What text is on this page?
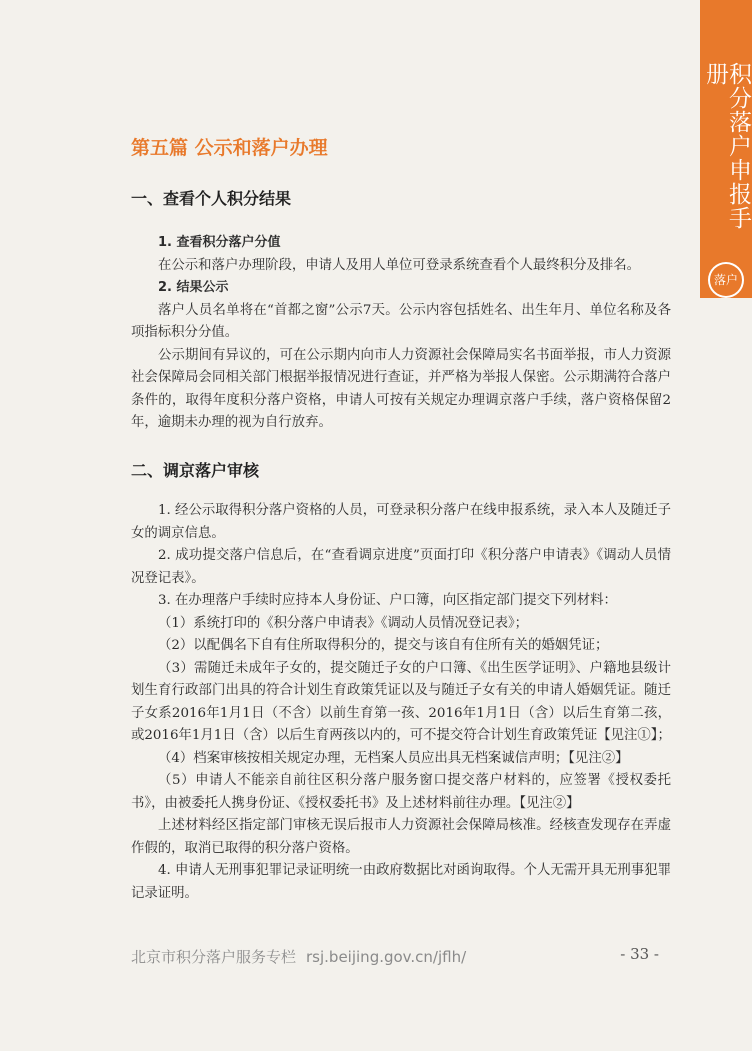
积分落户申报手册
落户
第五篇 公示和落户办理
一、查看个人积分结果

1. 查看积分落户分值

在公示和落户办理阶段，申请人及用人单位可登录系统查看个人最终积分及排名。

2. 结果公示

落户人员名单将在“首都之窗”公示7天。公示内容包括姓名、出生年月、单位名称及各项指标积分分值。

公示期间有异议的，可在公示期内向市人力资源社会保障局实名书面举报，市人力资源社会保障局会同相关部门根据举报情况进行查证，并严格为举报人保密。公示期满符合落户条件的，取得年度积分落户资格，申请人可按有关规定办理调京落户手续，落户资格保留2年，逾期未办理的视为自行放弃。

二、调京落户审核

1. 经公示取得积分落户资格的人员，可登录积分落户在线申报系统，录入本人及随迁子女的调京信息。

2. 成功提交落户信息后，在“查看调京进度”页面打印《积分落户申请表》《调动人员情况登记表》。

3. 在办理落户手续时应持本人身份证、户口簿，向区指定部门提交下列材料：

（1）系统打印的《积分落户申请表》《调动人员情况登记表》；

（2）以配偶名下自有住所取得积分的，提交与该自有住所有关的婚姻凭证；

（3）需随迁未成年子女的，提交随迁子女的户口簿、《出生医学证明》、户籍地县级计划生育行政部门出具的符合计划生育政策凭证以及与随迁子女有关的申请人婚姻凭证。随迁子女系2016年1月1日（不含）以前生育第一孩、2016年1月1日（含）以后生育第二孩，或2016年1月1日（含）以后生育两孩以内的，可不提交符合计划生育政策凭证【见注①】；

（4）档案审核按相关规定办理，无档案人员应出具无档案诚信声明；【见注②】

（5）申请人不能亲自前往区积分落户服务窗口提交落户材料的，应签署《授权委托书》，由被委托人携身份证、《授权委托书》及上述材料前往办理。【见注②】

上述材料经区指定部门审核无误后报市人力资源社会保障局核准。经核查发现存在弄虚作假的，取消已取得的积分落户资格。

4. 申请人无刑事犯罪记录证明统一由政府数据比对函询取得。个人无需开具无刑事犯罪记录证明。

北京市积分落户服务专栏 rsj.beijing.gov.cn/jflh/	- 33 -
